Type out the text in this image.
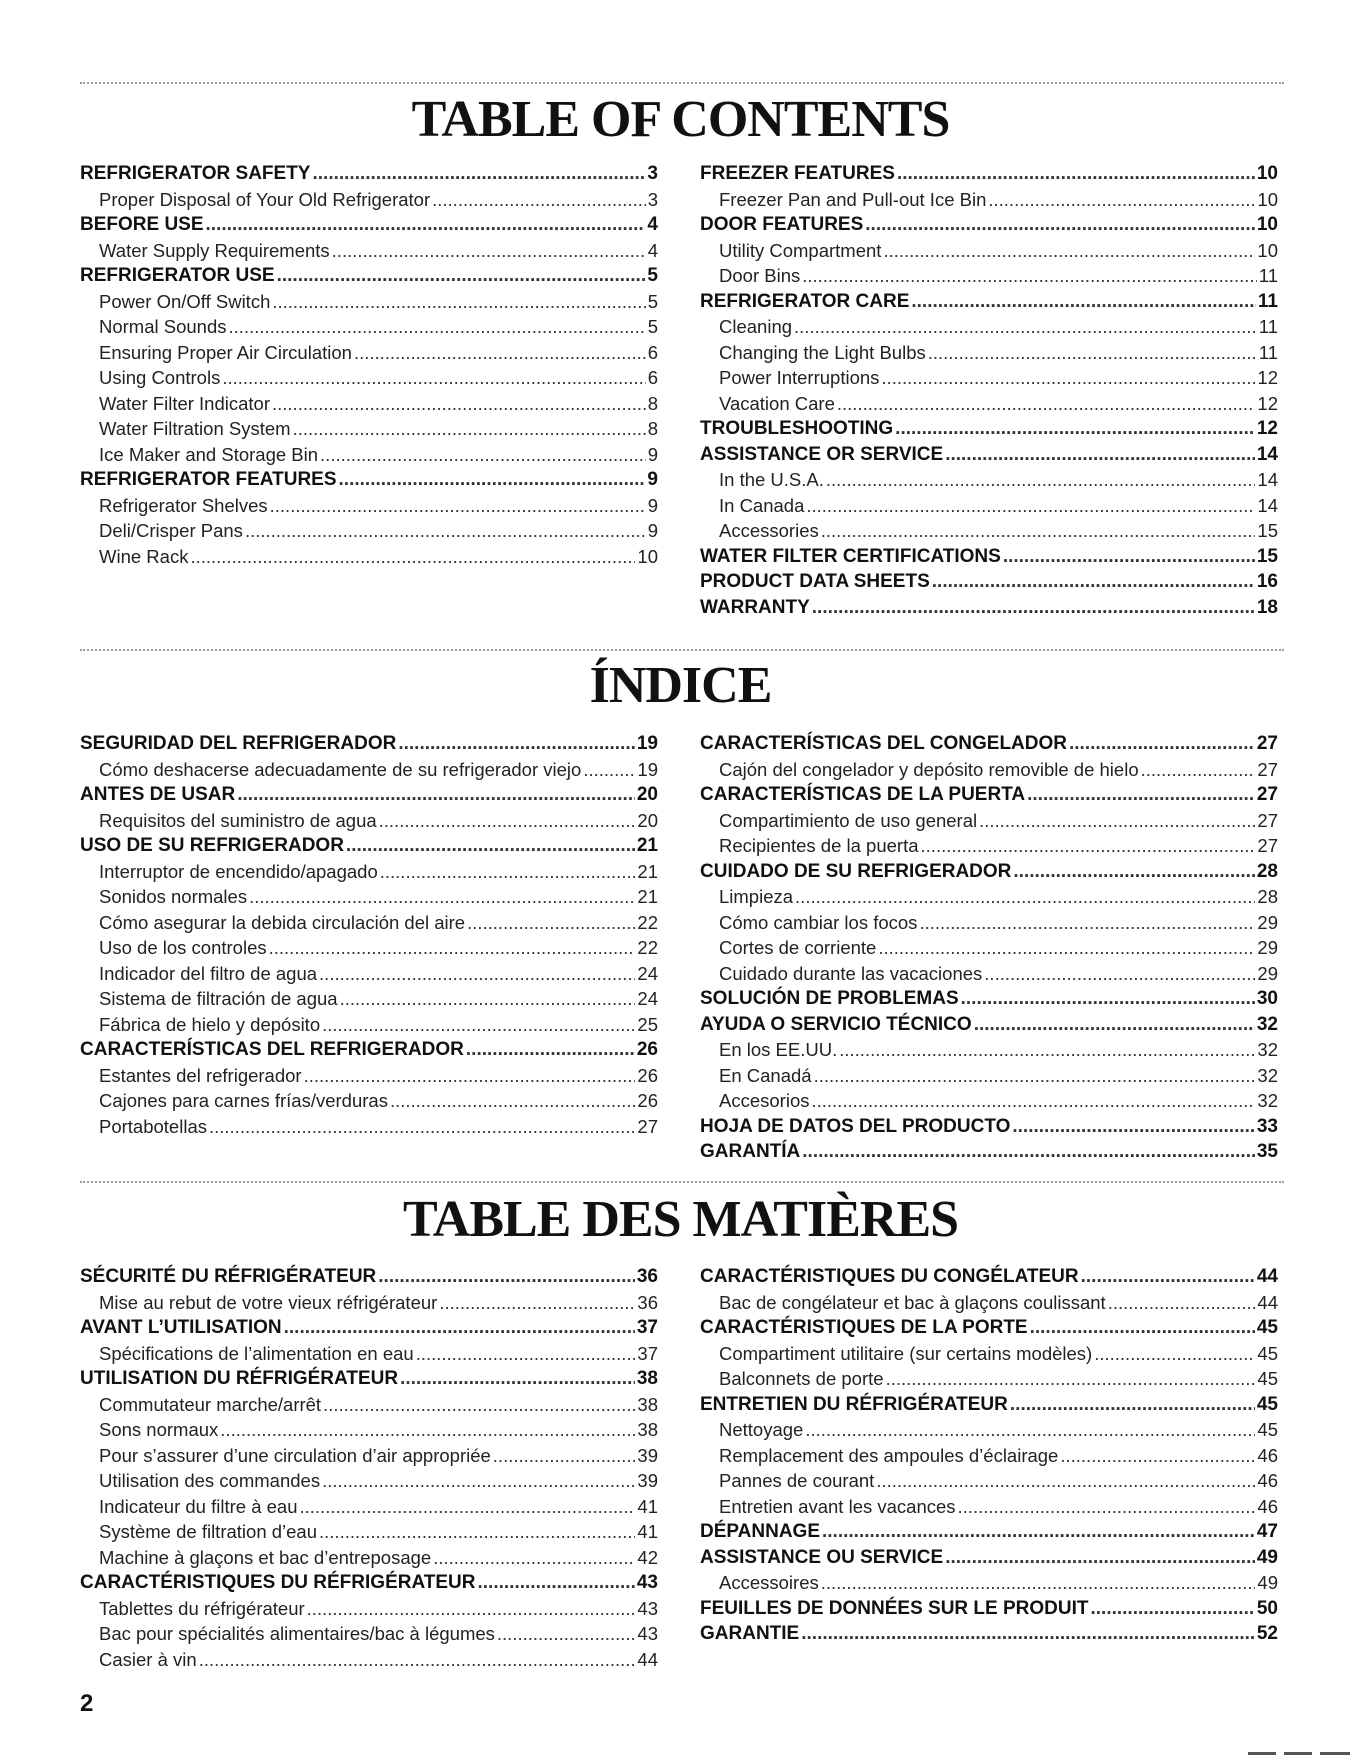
TABLE OF CONTENTS
REFRIGERATOR SAFETY .....	3
Proper Disposal of Your Old Refrigerator .....	3
BEFORE USE .....	4
Water Supply Requirements .....	4
REFRIGERATOR USE .....	5
Power On/Off Switch .....	5
Normal Sounds .....	5
Ensuring Proper Air Circulation .....	6
Using Controls .....	6
Water Filter Indicator .....	8
Water Filtration System .....	8
Ice Maker and Storage Bin .....	9
REFRIGERATOR FEATURES .....	9
Refrigerator Shelves .....	9
Deli/Crisper Pans .....	9
Wine Rack .....	10
FREEZER FEATURES .....	10
Freezer Pan and Pull-out Ice Bin .....	10
DOOR FEATURES .....	10
Utility Compartment .....	10
Door Bins .....	11
REFRIGERATOR CARE .....	11
Cleaning .....	11
Changing the Light Bulbs .....	11
Power Interruptions .....	12
Vacation Care .....	12
TROUBLESHOOTING .....	12
ASSISTANCE OR SERVICE .....	14
In the U.S.A. .....	14
In Canada .....	14
Accessories .....	15
WATER FILTER CERTIFICATIONS .....	15
PRODUCT DATA SHEETS .....	16
WARRANTY .....	18
ÍNDICE
SEGURIDAD DEL REFRIGERADOR .....	19
Cómo deshacerse adecuadamente de su refrigerador viejo .....	19
ANTES DE USAR .....	20
Requisitos del suministro de agua .....	20
USO DE SU REFRIGERADOR .....	21
Interruptor de encendido/apagado .....	21
Sonidos normales .....	21
Cómo asegurar la debida circulación del aire .....	22
Uso de los controles .....	22
Indicador del filtro de agua .....	24
Sistema de filtración de agua .....	24
Fábrica de hielo y depósito .....	25
CARACTERÍSTICAS DEL REFRIGERADOR .....	26
Estantes del refrigerador .....	26
Cajones para carnes frías/verduras .....	26
Portabotellas .....	27
CARACTERÍSTICAS DEL CONGELADOR .....	27
Cajón del congelador y depósito removible de hielo .....	27
CARACTERÍSTICAS DE LA PUERTA .....	27
Compartimiento de uso general .....	27
Recipientes de la puerta .....	27
CUIDADO DE SU REFRIGERADOR .....	28
Limpieza .....	28
Cómo cambiar los focos .....	29
Cortes de corriente .....	29
Cuidado durante las vacaciones .....	29
SOLUCIÓN DE PROBLEMAS .....	30
AYUDA O SERVICIO TÉCNICO .....	32
En los EE.UU. .....	32
En Canadá .....	32
Accesorios .....	32
HOJA DE DATOS DEL PRODUCTO .....	33
GARANTÍA .....	35
TABLE DES MATIÈRES
SÉCURITÉ DU RÉFRIGÉRATEUR .....	36
Mise au rebut de votre vieux réfrigérateur .....	36
AVANT L’UTILISATION .....	37
Spécifications de l’alimentation en eau .....	37
UTILISATION DU RÉFRIGÉRATEUR .....	38
Commutateur marche/arrêt .....	38
Sons normaux .....	38
Pour s’assurer d’une circulation d’air appropriée .....	39
Utilisation des commandes .....	39
Indicateur du filtre à eau .....	41
Système de filtration d’eau .....	41
Machine à glaçons et bac d’entreposage .....	42
CARACTÉRISTIQUES DU RÉFRIGÉRATEUR .....	43
Tablettes du réfrigérateur .....	43
Bac pour spécialités alimentaires/bac à légumes .....	43
Casier à vin .....	44
CARACTÉRISTIQUES DU CONGÉLATEUR .....	44
Bac de congélateur et bac à glaçons coulissant .....	44
CARACTÉRISTIQUES DE LA PORTE .....	45
Compartiment utilitaire (sur certains modèles) .....	45
Balconnets de porte .....	45
ENTRETIEN DU RÉFRIGÉRATEUR .....	45
Nettoyage .....	45
Remplacement des ampoules d’éclairage .....	46
Pannes de courant .....	46
Entretien avant les vacances .....	46
DÉPANNAGE .....	47
ASSISTANCE OU SERVICE .....	49
Accessoires .....	49
FEUILLES DE DONNÉES SUR LE PRODUIT .....	50
GARANTIE .....	52
2
